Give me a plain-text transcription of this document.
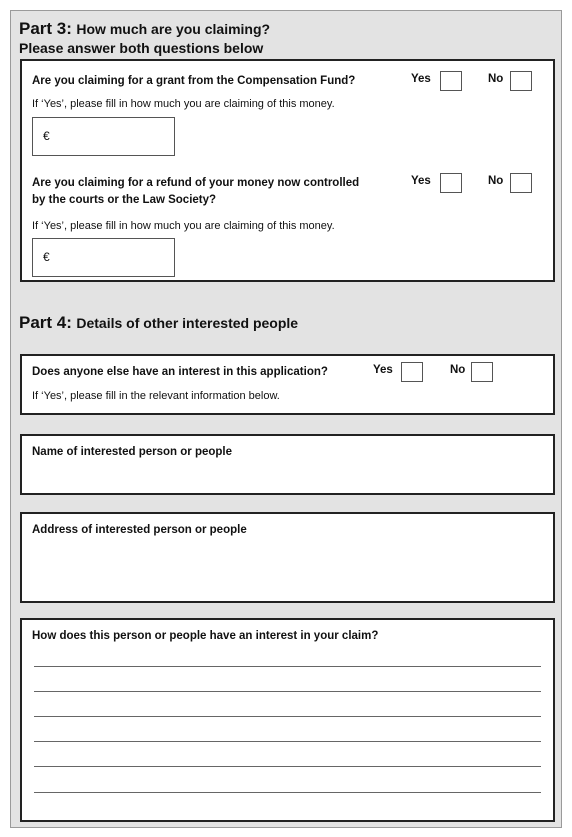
Part 3: How much are you claiming?
Please answer both questions below
Are you claiming for a grant from the Compensation Fund?	Yes	No
If ‘Yes’, please fill in how much you are claiming of this money.
€
Are you claiming for a refund of your money now controlled
by the courts or the Law Society?
Yes	No
If ‘Yes’, please fill in how much you are claiming of this money.
€
Part 4: Details of other interested people
Does anyone else have an interest in this application?	Yes	No
If ‘Yes’, please fill in the relevant information below.
Name of interested person or people
Address of interested person or people
How does this person or people have an interest in your claim?
